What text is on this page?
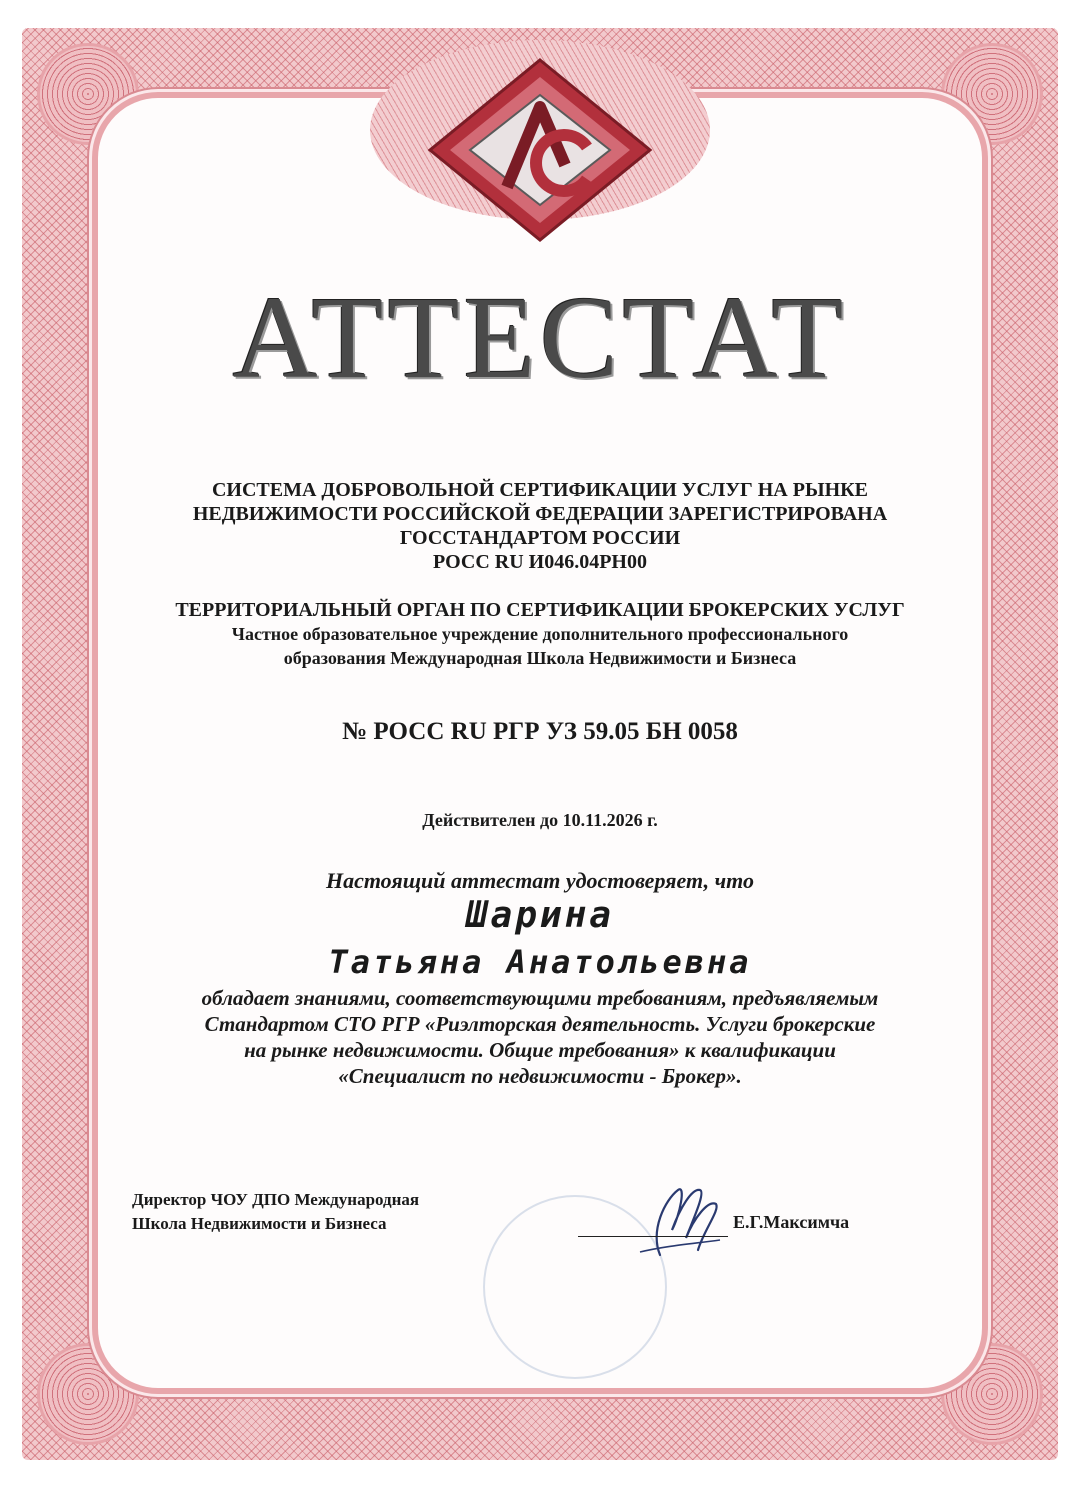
АТТЕСТАТ
СИСТЕМА ДОБРОВОЛЬНОЙ СЕРТИФИКАЦИИ УСЛУГ НА РЫНКЕ
НЕДВИЖИМОСТИ РОССИЙСКОЙ ФЕДЕРАЦИИ ЗАРЕГИСТРИРОВАНА
ГОССТАНДАРТОМ РОССИИ
РОСС RU И046.04РН00
ТЕРРИТОРИАЛЬНЫЙ ОРГАН ПО СЕРТИФИКАЦИИ БРОКЕРСКИХ УСЛУГ
Частное образовательное учреждение дополнительного профессионального
образования Международная Школа Недвижимости и Бизнеса
№ РОСС RU РГР УЗ 59.05 БН 0058
Действителен до 10.11.2026 г.
Настоящий аттестат удостоверяет, что
Шарина
Татьяна Анатольевна
обладает знаниями, соответствующими требованиям, предъявляемым
Стандартом СТО РГР «Риэлторская деятельность. Услуги брокерские
на рынке недвижимости. Общие требования» к квалификации
«Специалист по недвижимости - Брокер».
Директор ЧОУ ДПО Международная
Школа Недвижимости и Бизнеса	Е.Г.Максимча
